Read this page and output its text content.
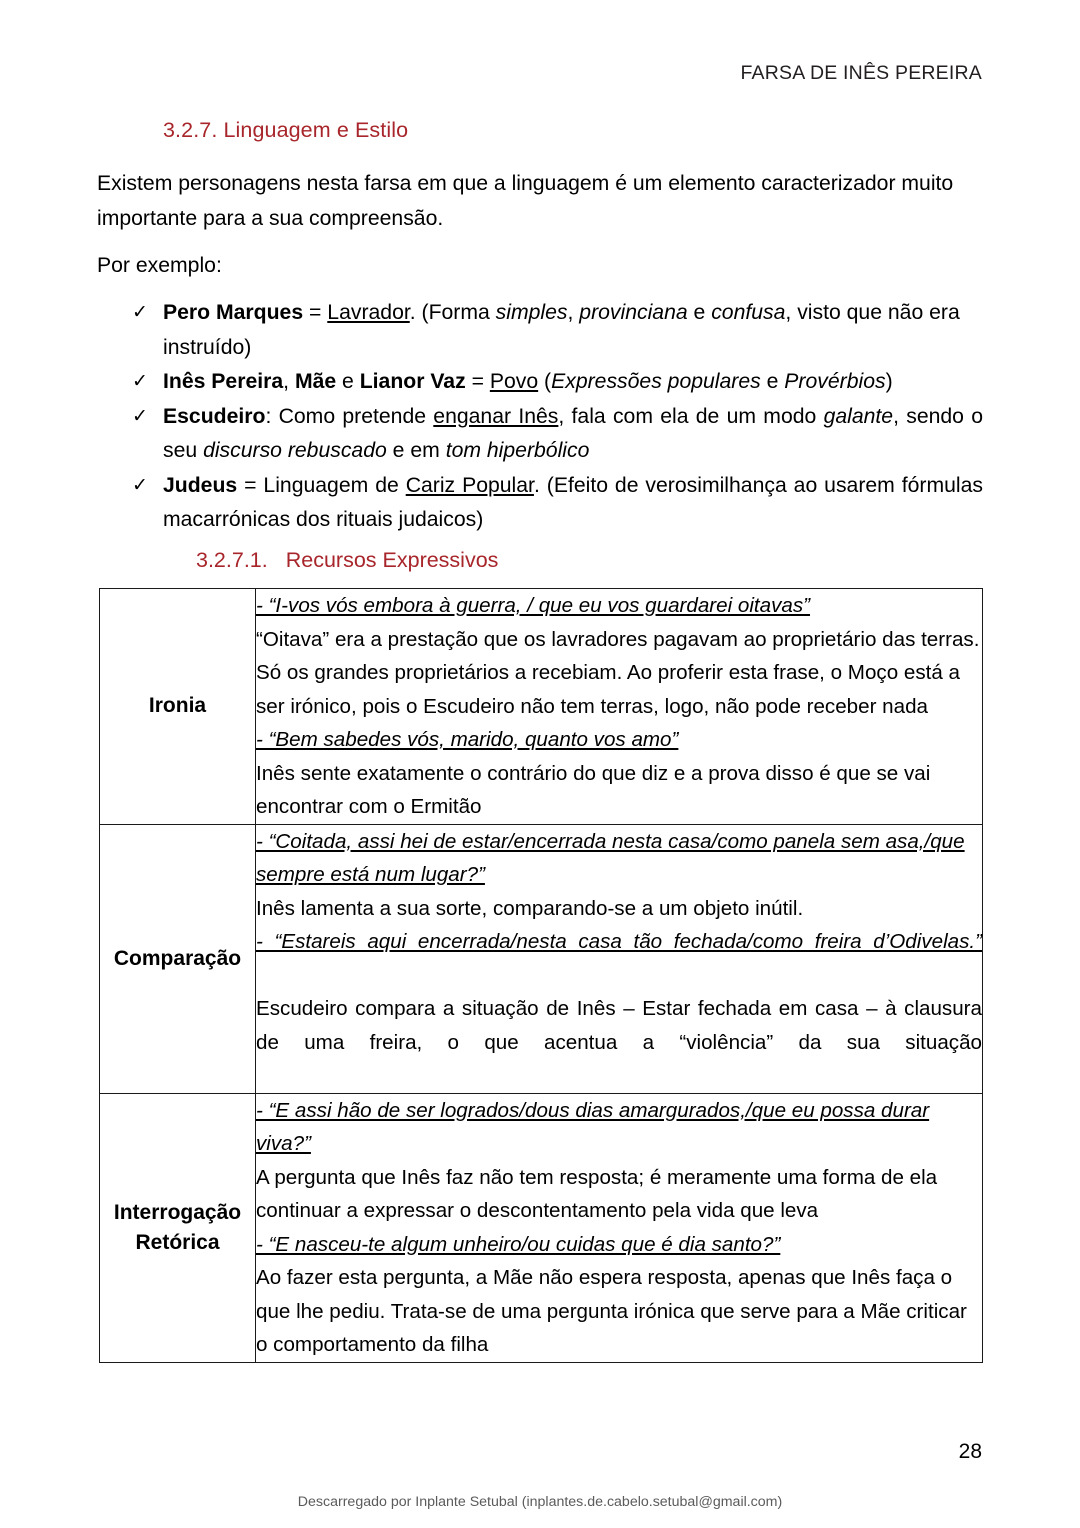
FARSA DE INÊS PEREIRA
3.2.7. Linguagem e Estilo
Existem personagens nesta farsa em que a linguagem é um elemento caracterizador muito importante para a sua compreensão.
Por exemplo:
✓ Pero Marques = Lavrador. (Forma simples, provinciana e confusa, visto que não era instruído)
✓ Inês Pereira, Mãe e Lianor Vaz = Povo (Expressões populares e Provérbios)
✓ Escudeiro: Como pretende enganar Inês, fala com ela de um modo galante, sendo o seu discurso rebuscado e em tom hiperbólico
✓ Judeus = Linguagem de Cariz Popular. (Efeito de verosimilhança ao usarem fórmulas macarrónicas dos rituais judaicos)
3.2.7.1. Recursos Expressivos
Ironia	- “I-vos vós embora à guerra, / que eu vos guardarei oitavas”
“Oitava” era a prestação que os lavradores pagavam ao proprietário das terras. Só os grandes proprietários a recebiam. Ao proferir esta frase, o Moço está a ser irónico, pois o Escudeiro não tem terras, logo, não pode receber nada
- “Bem sabedes vós, marido, quanto vos amo”
Inês sente exatamente o contrário do que diz e a prova disso é que se vai encontrar com o Ermitão

Comparação	- “Coitada, assi hei de estar/encerrada nesta casa/como panela sem asa,/que sempre está num lugar?”
Inês lamenta a sua sorte, comparando-se a um objeto inútil.
- “Estareis aqui encerrada/nesta casa tão fechada/como freira d’Odivelas.”
Escudeiro compara a situação de Inês – Estar fechada em casa – à clausura de uma freira, o que acentua a “violência” da sua situação

Interrogação
Retórica	- “E assi hão de ser logrados/dous dias amargurados,/que eu possa durar viva?”
A pergunta que Inês faz não tem resposta; é meramente uma forma de ela continuar a expressar o descontentamento pela vida que leva
- “E nasceu-te algum unheiro/ou cuidas que é dia santo?”
Ao fazer esta pergunta, a Mãe não espera resposta, apenas que Inês faça o que lhe pediu. Trata-se de uma pergunta irónica que serve para a Mãe criticar o comportamento da filha
28
Descarregado por Inplante Setubal (inplantes.de.cabelo.setubal@gmail.com)
